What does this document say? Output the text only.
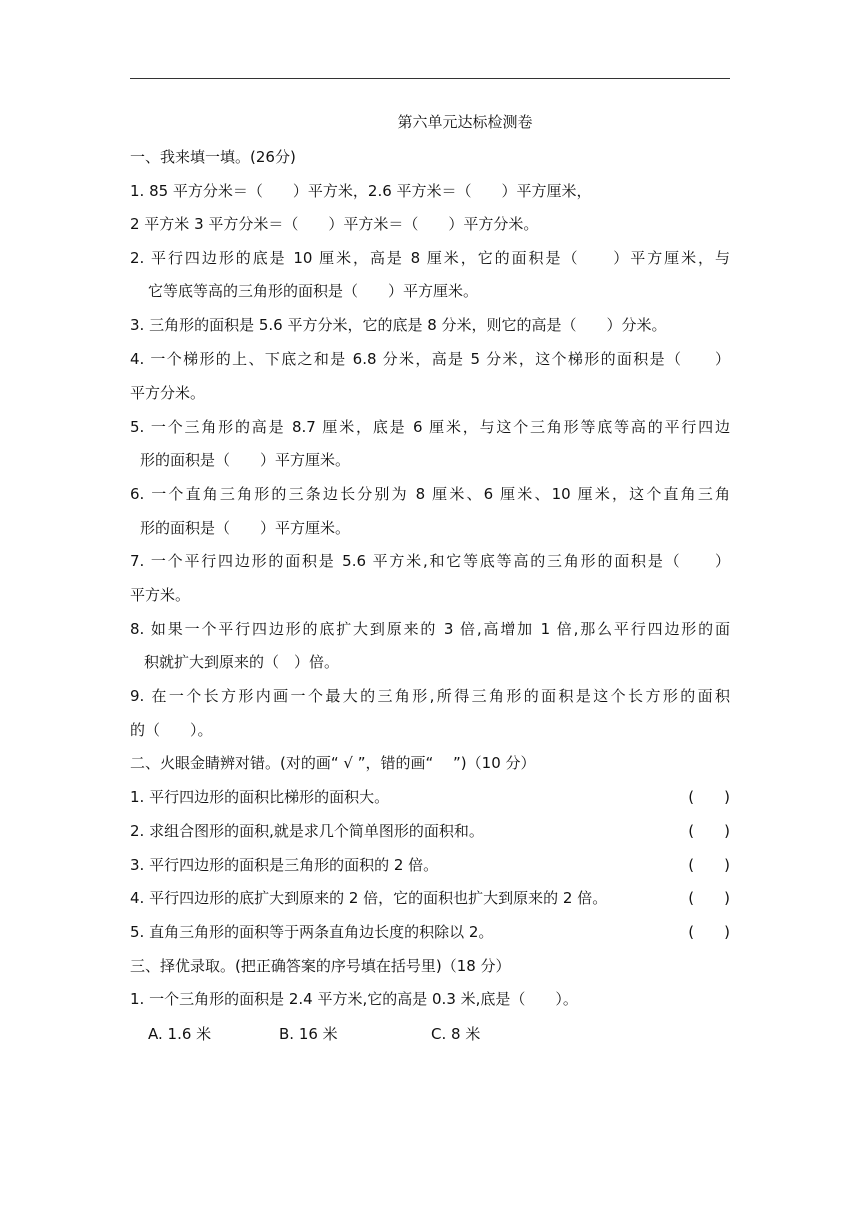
第六单元达标检测卷
一、我来填一填。(26分)
1. 85 平方分米＝（　　）平方米，2.6 平方米＝（　　）平方厘米，
2 平方米 3 平方分米＝（　　）平方米＝（　　）平方分米。
2. 平行四边形的底是 10 厘米，高是 8 厘米，它的面积是（　　）平方厘米，与
它等底等高的三角形的面积是（　　）平方厘米。
3. 三角形的面积是 5.6 平方分米，它的底是 8 分米，则它的高是（　　）分米。
4. 一个梯形的上、下底之和是 6.8 分米，高是 5 分米，这个梯形的面积是（　　）
平方分米。
5. 一个三角形的高是 8.7 厘米，底是 6 厘米，与这个三角形等底等高的平行四边
形的面积是（　　）平方厘米。
6. 一个直角三角形的三条边长分别为 8 厘米、6 厘米、10 厘米，这个直角三角
形的面积是（　　）平方厘米。
7. 一个平行四边形的面积是 5.6 平方米,和它等底等高的三角形的面积是（　　）
平方米。
8. 如果一个平行四边形的底扩大到原来的 3 倍,高增加 1 倍,那么平行四边形的面
积就扩大到原来的（　）倍。
9. 在一个长方形内画一个最大的三角形,所得三角形的面积是这个长方形的面积
的（　　）。
二、火眼金睛辨对错。(对的画“ √ ”，错的画“　 ”)（10 分）
1. 平行四边形的面积比梯形的面积大。	(　　)
2. 求组合图形的面积,就是求几个简单图形的面积和。	(　　)
3. 平行四边形的面积是三角形的面积的 2 倍。	(　　)
4. 平行四边形的底扩大到原来的 2 倍，它的面积也扩大到原来的 2 倍。	(　　)
5. 直角三角形的面积等于两条直角边长度的积除以 2。	(　　)
三、择优录取。(把正确答案的序号填在括号里)（18 分）
1. 一个三角形的面积是 2.4 平方米,它的高是 0.3 米,底是（　　）。
A. 1.6 米	B. 16 米	C. 8 米
